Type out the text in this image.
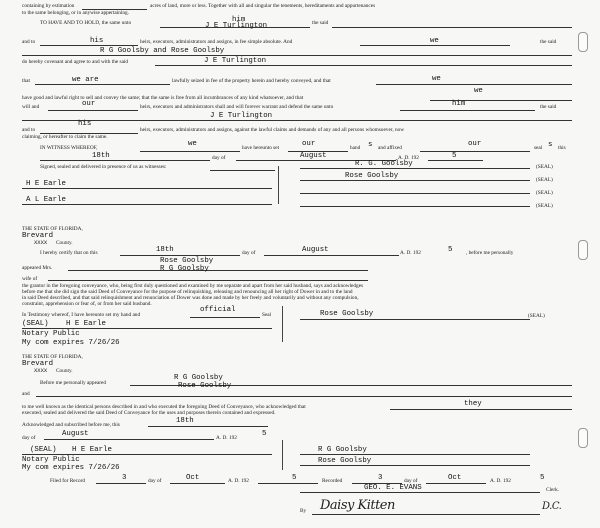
containing by estimation	acres of land, more or less. Together with all and singular the tenements, hereditaments and appurtenances
to the same belonging, or in anywise appertaining.
TO HAVE AND TO HOLD, the same unto	him
J E Turlington	the said
and to	his	heirs, executors, administrators and assigns, in fee simple absolute. And	we	the said
R G Goolsby and Rose Goolsby
do hereby covenant and agree to and with the said	J E Turlington
that	we are	lawfully seized in fee of the property herein and hereby conveyed, and that	we
have good and lawful right to sell and convey the same; that the same is free from all incumbrances of any kind whatsoever, and that
we
will and	our	heirs, executors and administrators shall and will forever warrant and defend the same unto	him	the said
J E Turlington
and to
his
heirs, executors, administrators and assigns, against the lawful claims and demands of any and all persons whomsoever, now
claiming, or hereafter to claim the same.
IN WITNESS WHEREOF,	we	have hereunto set	our	hand s and affixed	our	seal s this
18th	day of	August	A. D. 192	5
Signed, sealed and delivered in presence of us as witnesses:	R. G. Goolsby	(SEAL)
Rose Goolsby	(SEAL)
(SEAL)
(SEAL)
H E Earle
A L Earle
THE STATE OF FLORIDA,
Brevard
XXXX County.
I hereby certify that on this	18th	day of	August	A. D. 192	5	, before me personally
appeared Mrs.
Rose Goolsby
R G Goolsby
wife of
the grantor in the foregoing conveyance, who, being first duly questioned and examined by me separate and apart from her said husband, says and acknowledges
before me that she did sign the said Deed of Conveyance for the purpose of relinquishing, releasing and renouncing all her right of Dower in and to the land
in said Deed described, and that said relinquishment and renunciation of Dower was done and made by her freely and voluntarily and without any compulsion,
constraint, apprehension or fear of, or from her said husband.
In Testimony whereof, I have hereunto set my hand and
official
Seal
(SEAL) H E Earle
Notary Public
My com expires 7/26/26
Rose Goolsby	(SEAL)
THE STATE OF FLORIDA,
Brevard
XXXX County.
Before me personally appeared
R G Goolsby
Rose Goolsby
and
to me well known as the identical persons described in and who executed the foregoing Deed of Conveyance, who acknowledged that	they
executed, sealed and delivered the said Deed of Conveyance for the uses and purposes therein contained and expressed.
Acknowledged and subscribed before me, this	18th
day of	August	A. D. 192	5
(SEAL) H E Earle
Notary Public
My com expires 7/26/26
R G Goolsby
Rose Goolsby
Filed for Record	3	day of	Oct	A. D. 192	5	Recorded	3	day of	Oct	A. D. 192	5
GEO. E. EVANS	Clerk.
By Daisy Kitten	D.C.
